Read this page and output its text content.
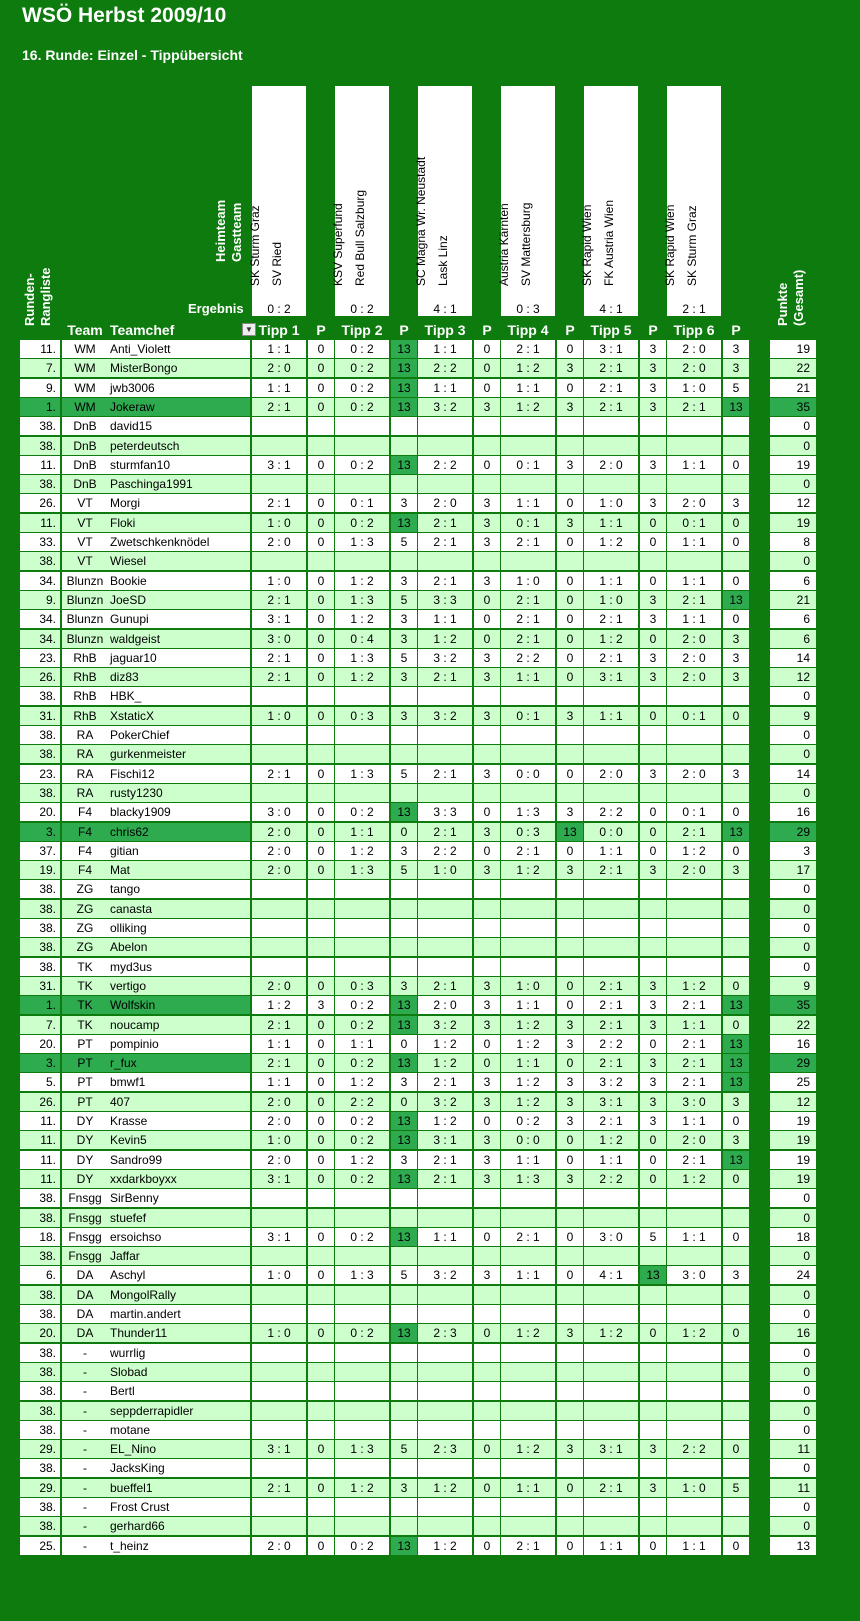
WSÖ Herbst 2009/10
16. Runde: Einzel - Tippübersicht
Heimteam Gastteam
Ergebnis
Runden- Rangliste	Punkte (Gesamt)
Team Teamchef	▼
SK Sturm Graz SV Ried
0 : 2
Tipp 1	P
KSV Superfund Red Bull Salzburg
0 : 2
Tipp 2	P
SC Magna Wr. Neustadt Lask Linz
4 : 1
Tipp 3	P
Austria Kärnten SV Mattersburg
0 : 3
Tipp 4	P
SK Rapid Wien FK Austria Wien
4 : 1
Tipp 5	P
SK Rapid Wien SK Sturm Graz
2 : 1
Tipp 6	P
11.	WM	Anti_Violett	1 : 1	0	0 : 2	13	1 : 1	0	2 : 1	0	3 : 1	3	2 : 0	3	19
7.	WM	MisterBongo	2 : 0	0	0 : 2	13	2 : 2	0	1 : 2	3	2 : 1	3	2 : 0	3	22
9.	WM	jwb3006	1 : 1	0	0 : 2	13	1 : 1	0	1 : 1	0	2 : 1	3	1 : 0	5	21
1.	WM	Jokeraw	2 : 1	0	0 : 2	13	3 : 2	3	1 : 2	3	2 : 1	3	2 : 1	13	35
38.	DnB	david15	0
38.	DnB	peterdeutsch	0
11.	DnB	sturmfan10	3 : 1	0	0 : 2	13	2 : 2	0	0 : 1	3	2 : 0	3	1 : 1	0	19
38.	DnB	Paschinga1991	0
26.	VT	Morgi	2 : 1	0	0 : 1	3	2 : 0	3	1 : 1	0	1 : 0	3	2 : 0	3	12
11.	VT	Floki	1 : 0	0	0 : 2	13	2 : 1	3	0 : 1	3	1 : 1	0	0 : 1	0	19
33.	VT	Zwetschkenknödel	2 : 0	0	1 : 3	5	2 : 1	3	2 : 1	0	1 : 2	0	1 : 1	0	8
38.	VT	Wiesel	0
34. Blunzn Bookie	1 : 0	0	1 : 2	3	2 : 1	3	1 : 0	0	1 : 1	0	1 : 1	0	6
9. Blunzn JoeSD	2 : 1	0	1 : 3	5	3 : 3	0	2 : 1	0	1 : 0	3	2 : 1	13	21
34. Blunzn Gunupi	3 : 1	0	1 : 2	3	1 : 1	0	2 : 1	0	2 : 1	3	1 : 1	0	6
34. Blunzn waldgeist	3 : 0	0	0 : 4	3	1 : 2	0	2 : 1	0	1 : 2	0	2 : 0	3	6
23.	RhB	jaguar10	2 : 1	0	1 : 3	5	3 : 2	3	2 : 2	0	2 : 1	3	2 : 0	3	14
26.	RhB	diz83	2 : 1	0	1 : 2	3	2 : 1	3	1 : 1	0	3 : 1	3	2 : 0	3	12
38.	RhB	HBK_	0
31.	RhB	XstaticX	1 : 0	0	0 : 3	3	3 : 2	3	0 : 1	3	1 : 1	0	0 : 1	0	9
38.	RA	PokerChief	0
38.	RA	gurkenmeister	0
23.	RA	Fischi12	2 : 1	0	1 : 3	5	2 : 1	3	0 : 0	0	2 : 0	3	2 : 0	3	14
38.	RA	rusty1230	0
20.	F4	blacky1909	3 : 0	0	0 : 2	13	3 : 3	0	1 : 3	3	2 : 2	0	0 : 1	0	16
3.	F4	chris62	2 : 0	0	1 : 1	0	2 : 1	3	0 : 3	13	0 : 0	0	2 : 1	13	29
37.	F4	gitian	2 : 0	0	1 : 2	3	2 : 2	0	2 : 1	0	1 : 1	0	1 : 2	0	3
19.	F4	Mat	2 : 0	0	1 : 3	5	1 : 0	3	1 : 2	3	2 : 1	3	2 : 0	3	17
38.	ZG	tango	0
38.	ZG	canasta	0
38.	ZG	olliking	0
38.	ZG	Abelon	0
38.	TK	myd3us	0
31.	TK	vertigo	2 : 0	0	0 : 3	3	2 : 1	3	1 : 0	0	2 : 1	3	1 : 2	0	9
1.	TK	Wolfskin	1 : 2	3	0 : 2	13	2 : 0	3	1 : 1	0	2 : 1	3	2 : 1	13	35
7.	TK	noucamp	2 : 1	0	0 : 2	13	3 : 2	3	1 : 2	3	2 : 1	3	1 : 1	0	22
20.	PT	pompinio	1 : 1	0	1 : 1	0	1 : 2	0	1 : 2	3	2 : 2	0	2 : 1	13	16
3.	PT	r_fux	2 : 1	0	0 : 2	13	1 : 2	0	1 : 1	0	2 : 1	3	2 : 1	13	29
5.	PT	bmwf1	1 : 1	0	1 : 2	3	2 : 1	3	1 : 2	3	3 : 2	3	2 : 1	13	25
26.	PT	407	2 : 0	0	2 : 2	0	3 : 2	3	1 : 2	3	3 : 1	3	3 : 0	3	12
11.	DY	Krasse	2 : 0	0	0 : 2	13	1 : 2	0	0 : 2	3	2 : 1	3	1 : 1	0	19
11.	DY	Kevin5	1 : 0	0	0 : 2	13	3 : 1	3	0 : 0	0	1 : 2	0	2 : 0	3	19
11.	DY	Sandro99	2 : 0	0	1 : 2	3	2 : 1	3	1 : 1	0	1 : 1	0	2 : 1	13	19
11.	DY	xxdarkboyxx	3 : 1	0	0 : 2	13	2 : 1	3	1 : 3	3	2 : 2	0	1 : 2	0	19
38.	Fnsgg SirBenny	0
38.	Fnsgg stuefef	0
18.	Fnsgg ersoichso	3 : 1	0	0 : 2	13	1 : 1	0	2 : 1	0	3 : 0	5	1 : 1	0	18
38.	Fnsgg Jaffar	0
6.	DA	Aschyl	1 : 0	0	1 : 3	5	3 : 2	3	1 : 1	0	4 : 1	13	3 : 0	3	24
38.	DA	MongolRally	0
38.	DA	martin.andert	0
20.	DA	Thunder11	1 : 0	0	0 : 2	13	2 : 3	0	1 : 2	3	1 : 2	0	1 : 2	0	16
38.	-	wurrlig	0
38.	-	Slobad	0
38.	-	Bertl	0
38.	-	seppderrapidler	0
38.	-	motane	0
29.	-	EL_Nino	3 : 1	0	1 : 3	5	2 : 3	0	1 : 2	3	3 : 1	3	2 : 2	0	11
38.	-	JacksKing	0
29.	-	bueffel1	2 : 1	0	1 : 2	3	1 : 2	0	1 : 1	0	2 : 1	3	1 : 0	5	11
38.	-	Frost Crust	0
38.	-	gerhard66	0
25.	-	t_heinz	2 : 0	0	0 : 2	13	1 : 2	0	2 : 1	0	1 : 1	0	1 : 1	0	13
